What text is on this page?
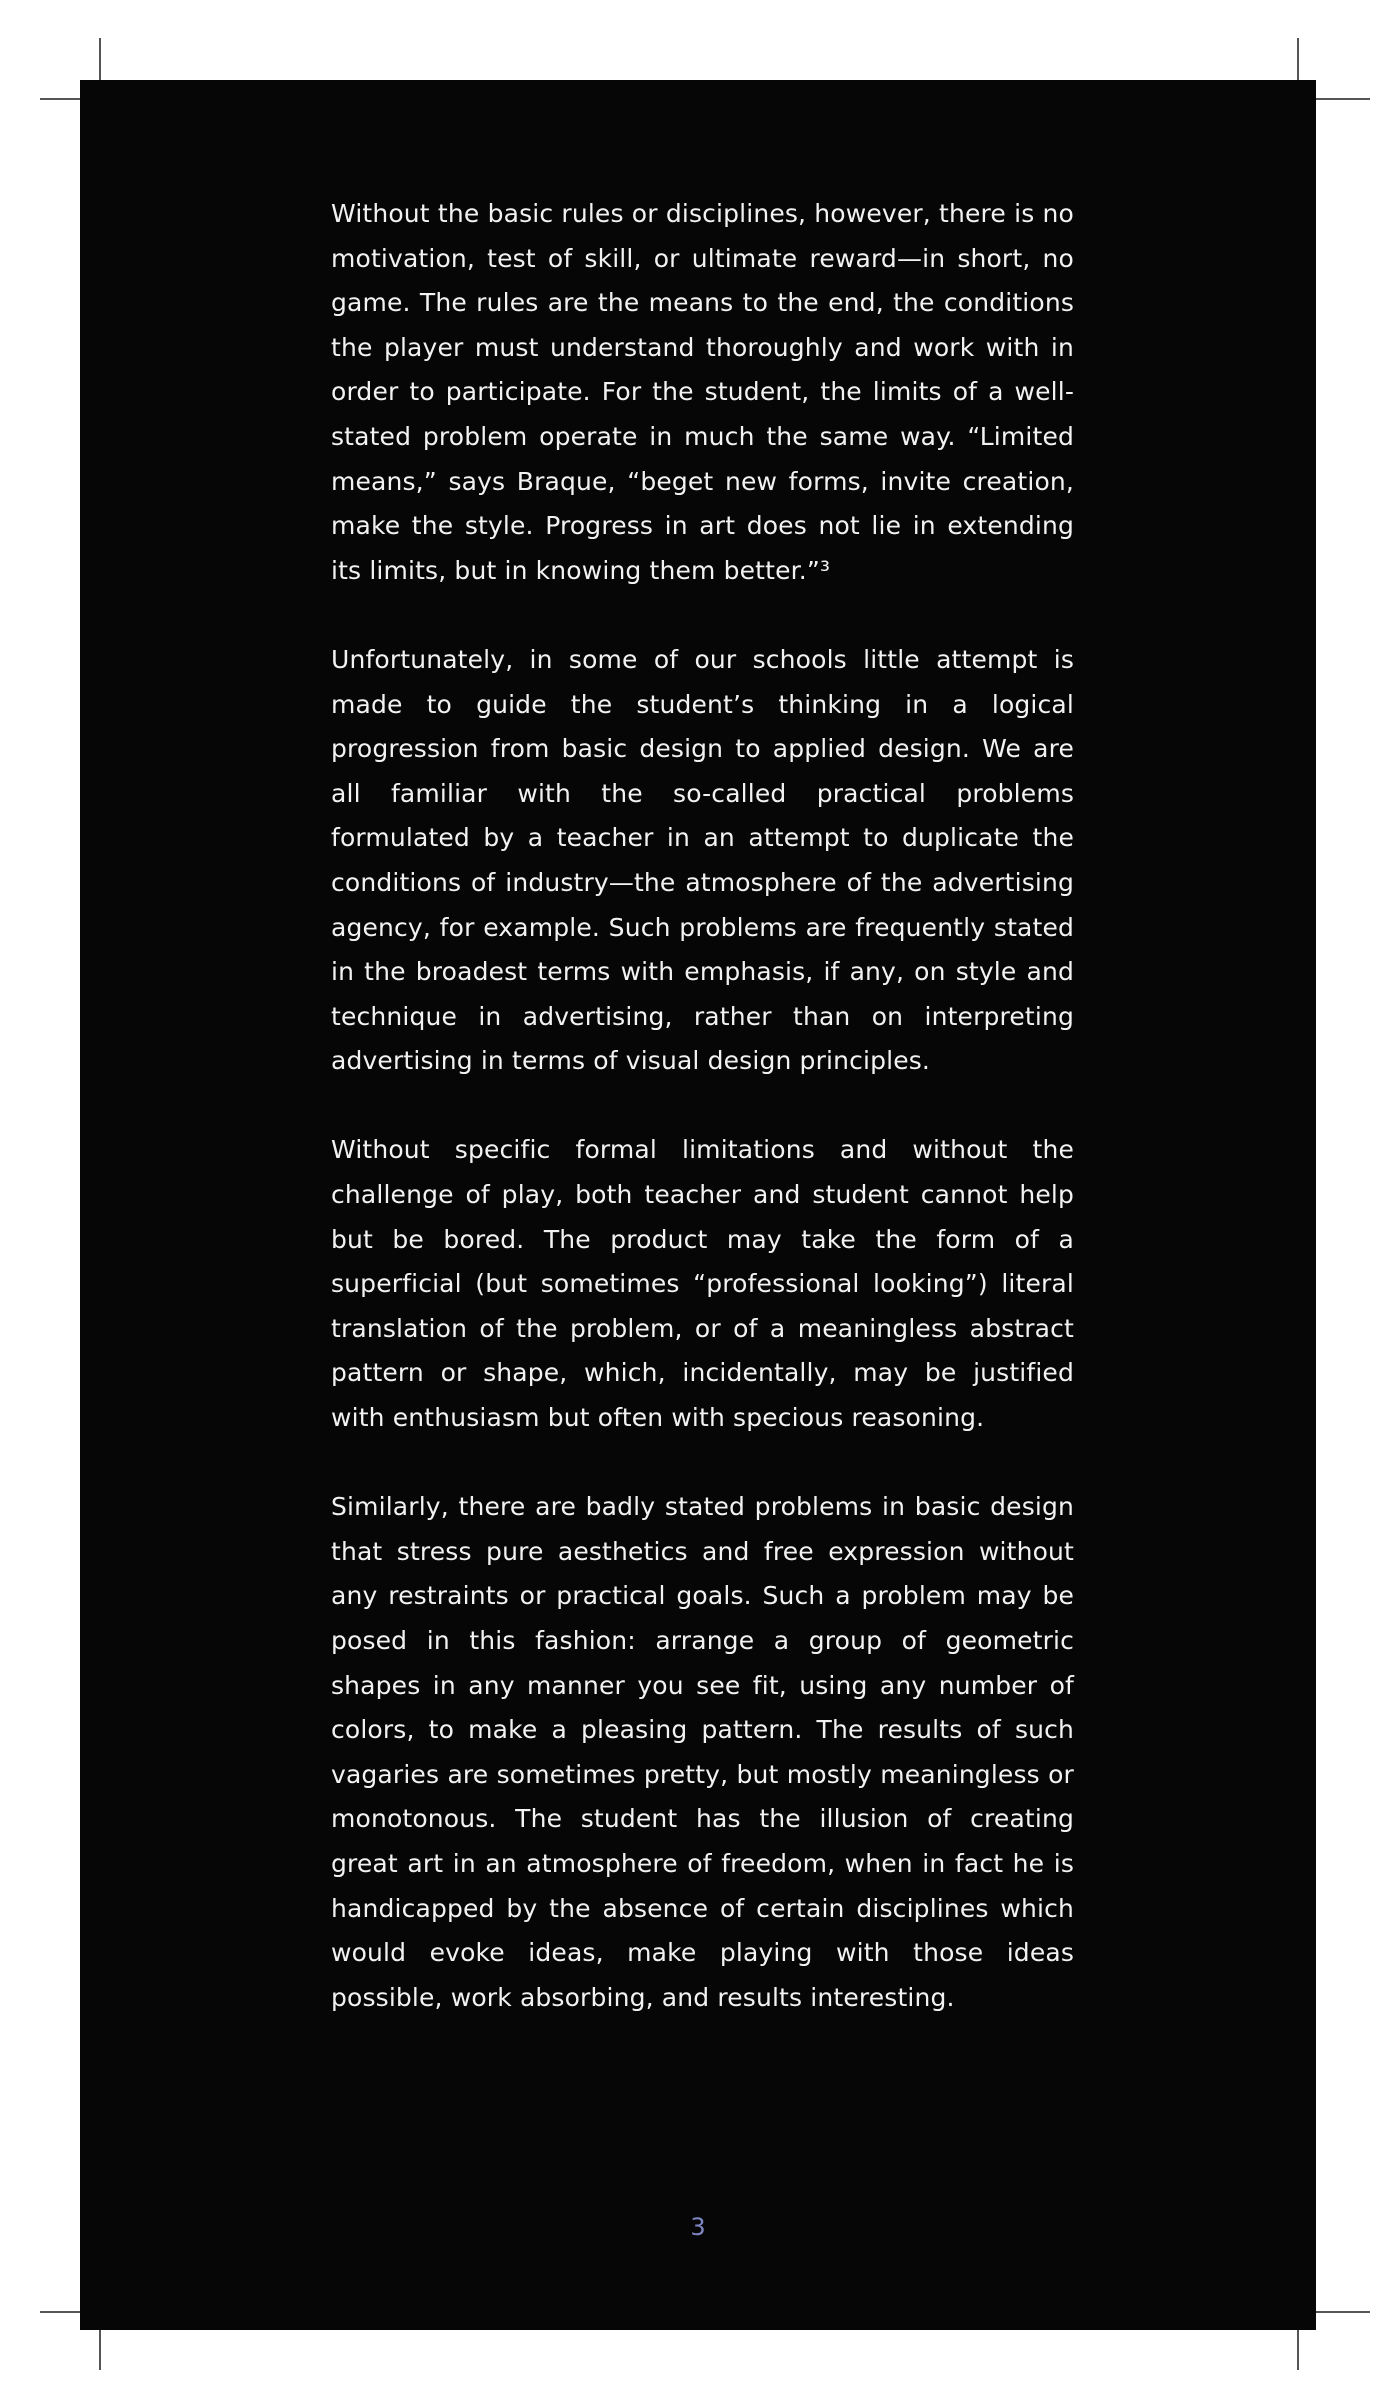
Without the basic rules or disciplines, however, there is no motivation, test of skill, or ultimate reward—in short, no game. The rules are the means to the end, the conditions the player must understand thoroughly and work with in order to participate. For the student, the limits of a well-stated problem operate in much the same way. “Limited means,” says Braque, “beget new forms, invite creation, make the style. Progress in art does not lie in extending its limits, but in knowing them better.”³

Unfortunately, in some of our schools little attempt is made to guide the student’s thinking in a logical progression from basic design to applied design. We are all familiar with the so-called practical problems formulated by a teacher in an attempt to duplicate the conditions of industry—the atmosphere of the advertising agency, for example. Such problems are frequently stated in the broadest terms with emphasis, if any, on style and technique in advertising, rather than on interpreting advertising in terms of visual design principles.

Without specific formal limitations and without the challenge of play, both teacher and student cannot help but be bored. The product may take the form of a superficial (but sometimes “professional looking”) literal translation of the problem, or of a meaningless abstract pattern or shape, which, incidentally, may be justified with enthusiasm but often with specious reasoning.

Similarly, there are badly stated problems in basic design that stress pure aesthetics and free expression without any restraints or practical goals. Such a problem may be posed in this fashion: arrange a group of geometric shapes in any manner you see fit, using any number of colors, to make a pleasing pattern. The results of such vagaries are sometimes pretty, but mostly meaningless or monotonous. The student has the illusion of creating great art in an atmosphere of freedom, when in fact he is handicapped by the absence of certain disciplines which would evoke ideas, make playing with those ideas possible, work absorbing, and results interesting.

3
